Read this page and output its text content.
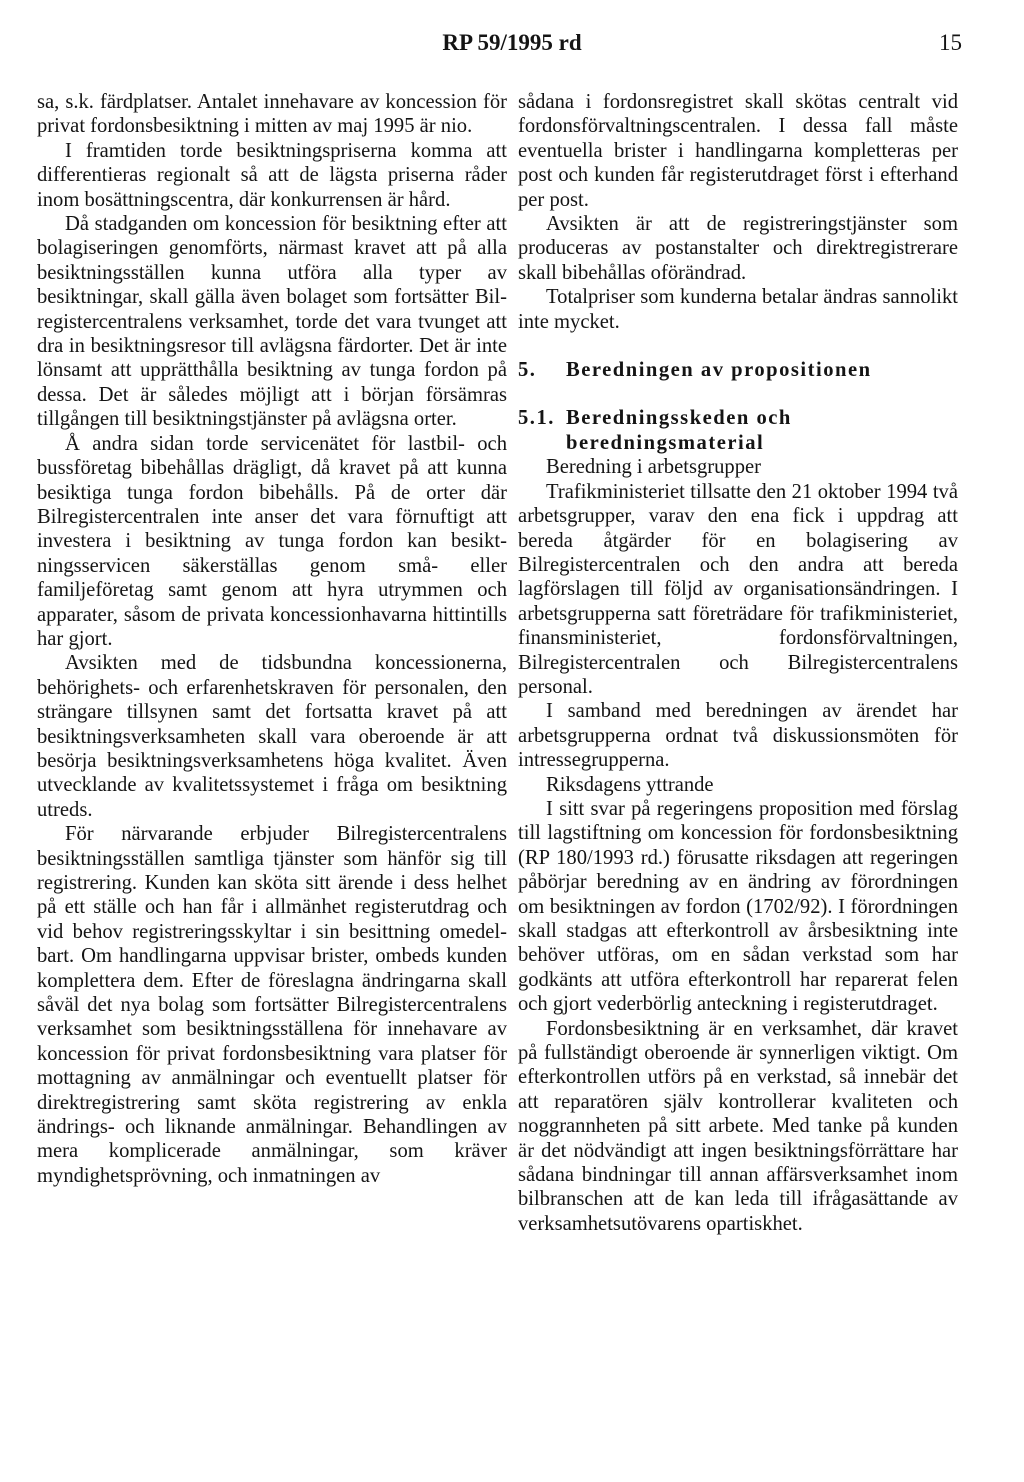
RP 59/1995 rd	15

sa, s.k. färdplatser. Antalet innehavare av koncession för privat fordonsbesiktning i mitten av maj 1995 är nio.

I framtiden torde besiktningspriserna komma att differentieras regionalt så att de lägsta priserna råder inom bosättningscentra, där konkurrensen är hård.

Då stadganden om koncession för besiktning efter att bolagiseringen genomförts, närmast kravet att på alla besiktningsställen kunna utföra alla typer av besiktningar, skall gälla även bolaget som fortsätter Bilregistercentralens verksamhet, torde det vara tvunget att dra in besiktningsresor till avlägsna färdorter. Det är inte lönsamt att upprätthålla besiktning av tunga fordon på dessa. Det är således möjligt att i början försämras tillgången till besiktningstjänster på avlägsna orter.

Å andra sidan torde servicenätet för lastbil- och bussföretag bibehållas drägligt, då kravet på att kunna besiktiga tunga fordon bibehålls. På de orter där Bilregistercentralen inte anser det vara förnuftigt att investera i besiktning av tunga fordon kan besiktningsservicen säkerställas genom små- eller familjeföretag samt genom att hyra utrymmen och apparater, såsom de privata koncessionhavarna hittintills har gjort.

Avsikten med de tidsbundna koncessionerna, behörighets- och erfarenhetskraven för personalen, den strängare tillsynen samt det fortsatta kravet på att besiktningsverksamheten skall vara oberoende är att besörja besiktningsverksamhetens höga kvalitet. Även utvecklande av kvalitetssystemet i fråga om besiktning utreds.

För närvarande erbjuder Bilregistercentralens besiktningsställen samtliga tjänster som hänför sig till registrering. Kunden kan sköta sitt ärende i dess helhet på ett ställe och han får i allmänhet registerutdrag och vid behov registreringsskyltar i sin besittning omedelbart. Om handlingarna uppvisar brister, ombeds kunden komplettera dem. Efter de föreslagna ändringarna skall såväl det nya bolag som fortsätter Bilregistercentralens verksamhet som besiktningsställena för innehavare av koncession för privat fordonsbesiktning vara platser för mottagning av anmälningar och eventuellt platser för direktregistrering samt sköta registrering av enkla ändrings- och liknande anmälningar. Behandlingen av mera komplicerade anmälningar, som kräver myndighetsprövning, och inmatningen av

sådana i fordonsregistret skall skötas centralt vid fordonsförvaltningscentralen. I dessa fall måste eventuella brister i handlingarna kompletteras per post och kunden får registerutdraget först i efterhand per post.

Avsikten är att de registreringstjänster som produceras av postanstalter och direktregistrerare skall bibehållas oförändrad.

Totalpriser som kunderna betalar ändras sannolikt inte mycket.

5.	Beredningen av propositionen
5.1. Beredningsskeden och beredningsmaterial

Beredning i arbetsgrupper

Trafikministeriet tillsatte den 21 oktober 1994 två arbetsgrupper, varav den ena fick i uppdrag att bereda åtgärder för en bolagisering av Bilregistercentralen och den andra att bereda lagförslagen till följd av organisationsändringen. I arbetsgrupperna satt företrädare för trafikministeriet, finansministeriet, fordonsförvaltningen, Bilregistercentralen och Bilregistercentralens personal.

I samband med beredningen av ärendet har arbetsgrupperna ordnat två diskussionsmöten för intressegrupperna.

Riksdagens yttrande

I sitt svar på regeringens proposition med förslag till lagstiftning om koncession för fordonsbesiktning (RP 180/1993 rd.) förusatte riksdagen att regeringen påbörjar beredning av en ändring av förordningen om besiktningen av fordon (1702/92). I förordningen skall stadgas att efterkontroll av årsbesiktning inte behöver utföras, om en sådan verkstad som har godkänts att utföra efterkontroll har reparerat felen och gjort vederbörlig anteckning i registerutdraget.

Fordonsbesiktning är en verksamhet, där kravet på fullständigt oberoende är synnerligen viktigt. Om efterkontrollen utförs på en verkstad, så innebär det att reparatören själv kontrollerar kvaliteten och noggrannheten på sitt arbete. Med tanke på kunden är det nödvändigt att ingen besiktningsförrättare har sådana bindningar till annan affärsverksamhet inom bilbranschen att de kan leda till ifrågasättande av verksamhetsutövarens opartiskhet.
